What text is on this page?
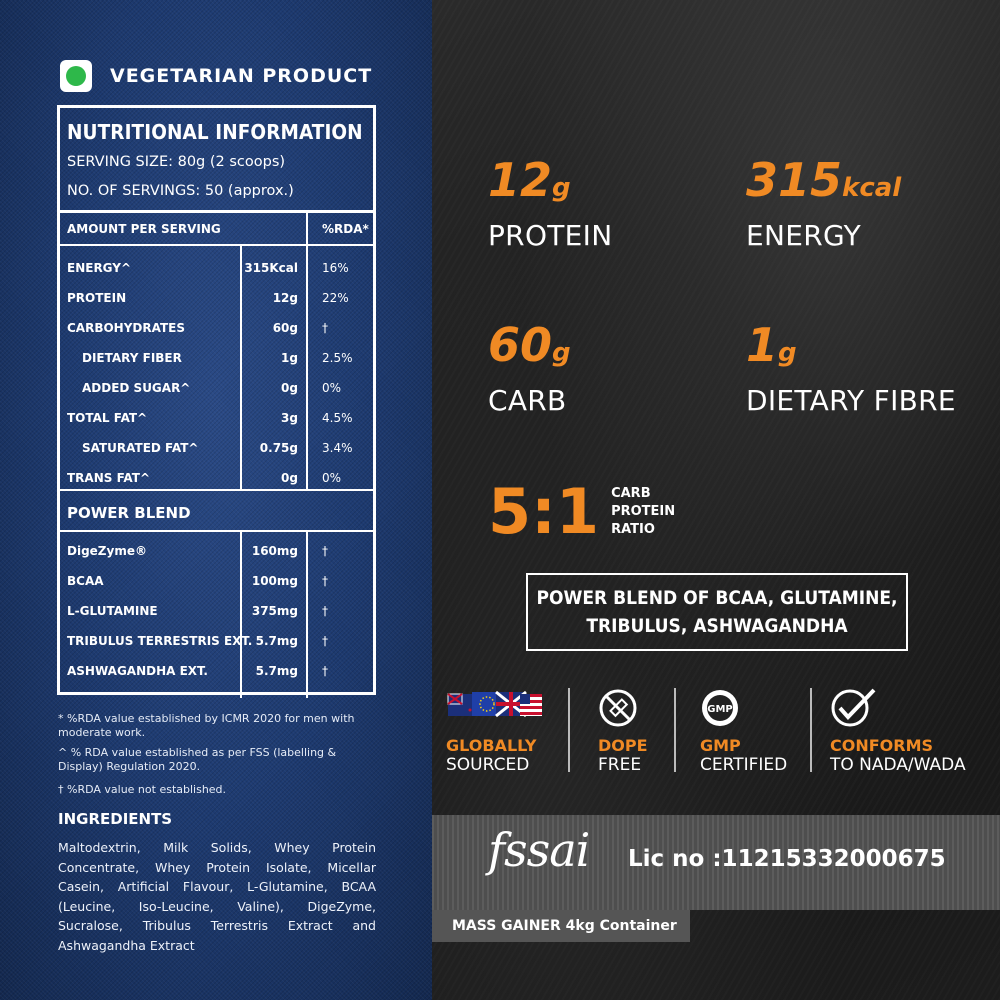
VEGETARIAN PRODUCT
NUTRITIONAL INFORMATION
SERVING SIZE: 80g (2 scoops)
NO. OF SERVINGS: 50 (approx.)
AMOUNT PER SERVING	%RDA*
ENERGY^	315Kcal 16%
PROTEIN	12g 22%
CARBOHYDRATES	60g †
DIETARY FIBER	1g 2.5%
ADDED SUGAR^	0g 0%
TOTAL FAT^	3g 4.5%
SATURATED FAT^	0.75g 3.4%
TRANS FAT^	0g 0%
POWER BLEND
DigeZyme®	160mg †
BCAA	100mg †
L-GLUTAMINE	375mg †
TRIBULUS TERRESTRIS EXT. 5.7mg †
ASHWAGANDHA EXT.	5.7mg †
* %RDA value established by ICMR 2020 for men with moderate work.
^ % RDA value established as per FSS (labelling & Display) Regulation 2020.
† %RDA value not established.
INGREDIENTS
Maltodextrin, Milk Solids, Whey Protein Concentrate, Whey Protein Isolate, Micellar Casein, Artificial Flavour, L-Glutamine, BCAA (Leucine, Iso-Leucine, Valine), DigeZyme, Sucralose, Tribulus Terrestris Extract and Ashwagandha Extract
12g
PROTEIN
315kcal
ENERGY
60g
CARB
1g
DIETARY FIBRE
5:1 CARB
PROTEIN
RATIO
POWER BLEND OF BCAA, GLUTAMINE,
TRIBULUS, ASHWAGANDHA
GLOBALLY
SOURCED
DOPE
FREE
GMP
GMP
CERTIFIED
CONFORMS
TO NADA/WADA
fssai Lic no :11215332000675
MASS GAINER 4kg Container
